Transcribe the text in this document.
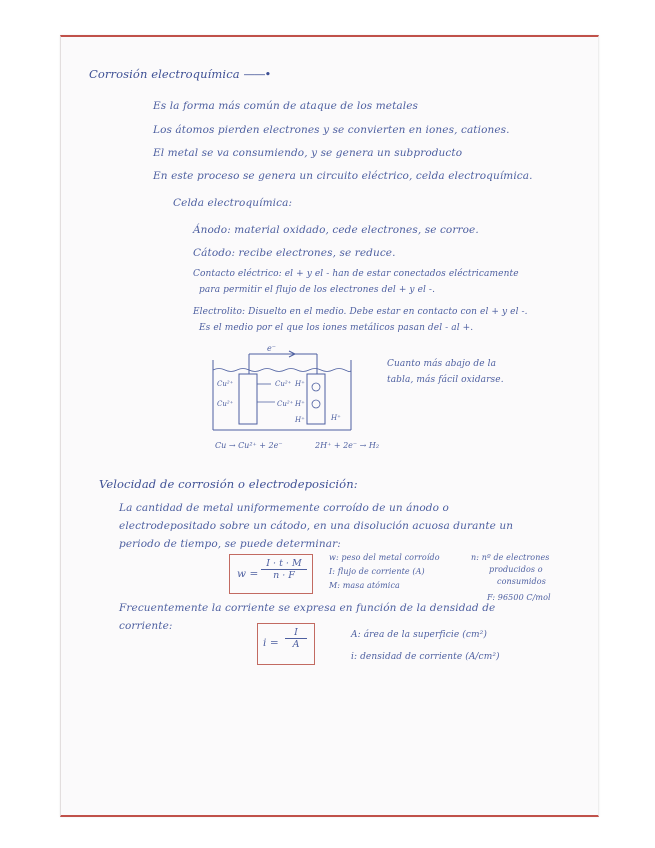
Corrosión electroquímica ——•
Es la forma más común de ataque de los metales
Los átomos pierden electrones y se convierten en iones, cationes.
El metal se va consumiendo, y se genera un subproducto
En este proceso se genera un circuito eléctrico, celda electroquímica.
Celda electroquímica:
Ánodo: material oxidado, cede electrones, se corroe.
Cátodo: recibe electrones, se reduce.
Contacto eléctrico: el + y el - han de estar conectados eléctricamente
para permitir el flujo de los electrones del + y el -.
Electrolito: Disuelto en el medio. Debe estar en contacto con el + y el -.
Es el medio por el que los iones metálicos pasan del - al +.
e⁻
Cu²⁺	Cu²⁺
Cu²⁺	Cu²⁺
H⁺
H⁺
H⁺	H⁺
Cu → Cu²⁺ + 2e⁻	2H⁺ + 2e⁻ → H₂
Cuanto más abajo de la
tabla, más fácil oxidarse.
Velocidad de corrosión o electrodeposición:
La cantidad de metal uniformemente corroído de un ánodo o
electrodepositado sobre un cátodo, en una disolución acuosa durante un
periodo de tiempo, se puede determinar:
$w = \frac{I \cdot t \cdot M}{n \cdot F}$
w: peso del metal corroído
I: flujo de corriente (A)
M: masa atómica
n: nº de electrones
producidos o
consumidos
F: 96500 C/mol
Frecuentemente la corriente se expresa en función de la densidad de
corriente:
$i = \frac{I}{A}$	A: área de la superficie (cm²)
i: densidad de corriente (A/cm²)
